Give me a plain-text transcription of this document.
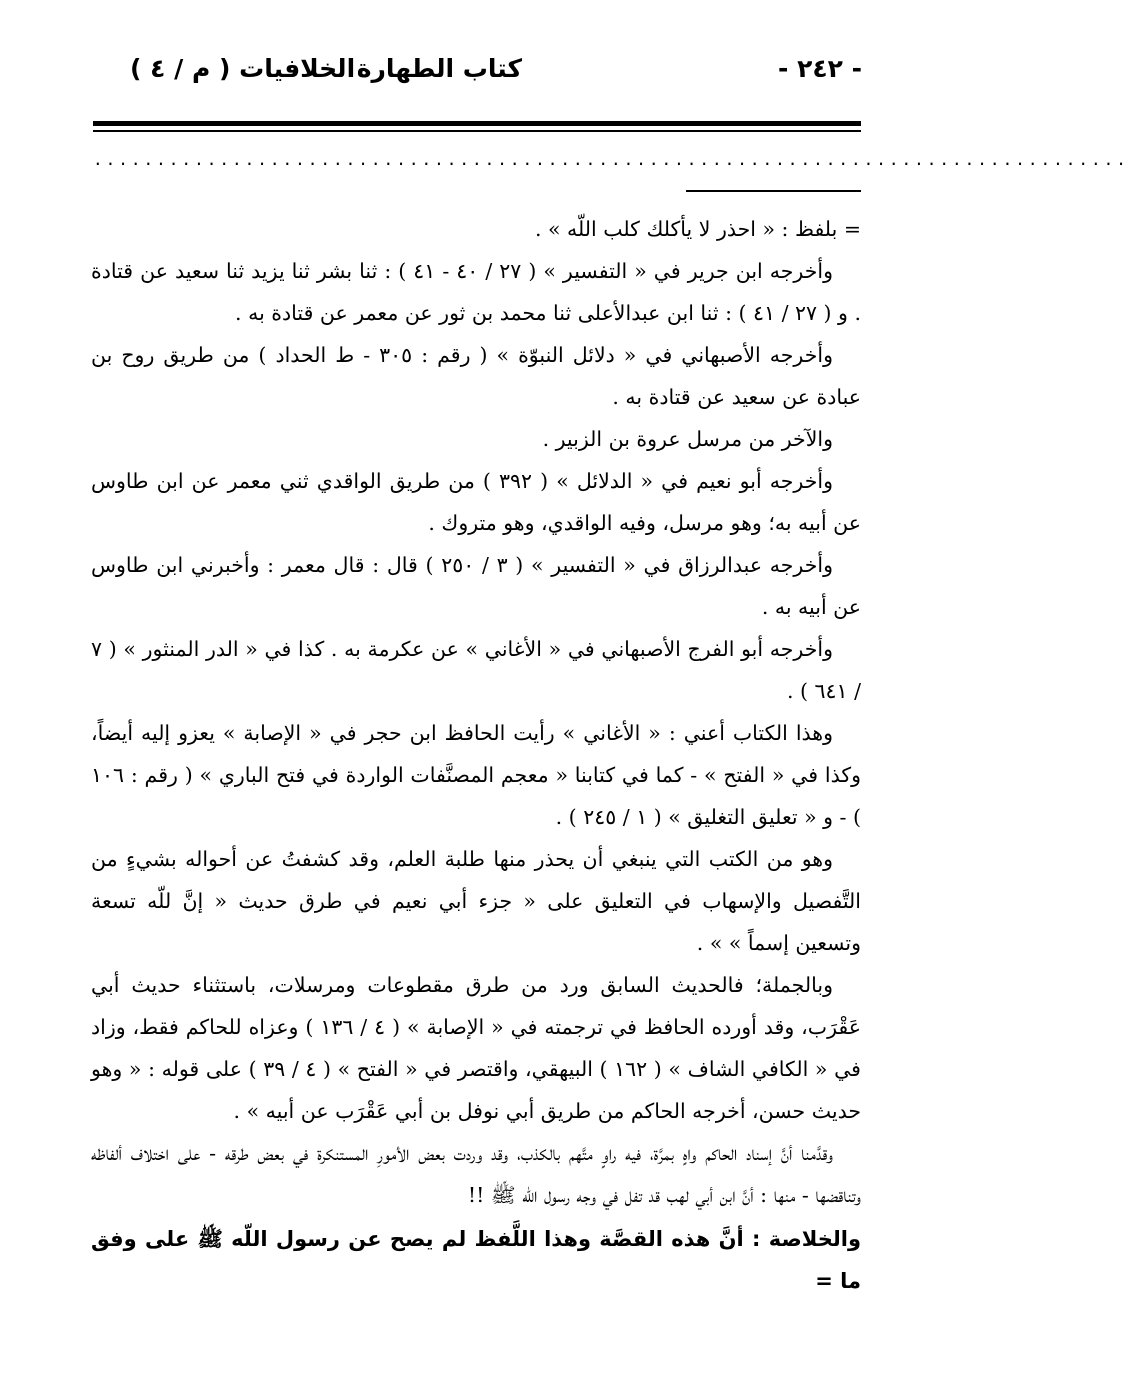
- ٢٤٢ -
كتاب الطهارة
الخلافيات ( م / ٤ )
..................................................................................

= بلفظ : « احذر لا يأكلك كلب اللّه » .

وأخرجه ابن جرير في « التفسير » ( ٢٧ / ٤٠ - ٤١ ) : ثنا بشر ثنا يزيد ثنا سعيد عن قتادة . و ( ٢٧ / ٤١ ) : ثنا ابن عبدالأعلى ثنا محمد بن ثور عن معمر عن قتادة به .

وأخرجه الأصبهاني في « دلائل النبوّة » ( رقم : ٣٠٥ - ط الحداد ) من طريق روح بن عبادة عن سعيد عن قتادة به .

والآخر من مرسل عروة بن الزبير .

وأخرجه أبو نعيم في « الدلائل » ( ٣٩٢ ) من طريق الواقدي ثني معمر عن ابن طاوس عن أبيه به؛ وهو مرسل، وفيه الواقدي، وهو متروك .

وأخرجه عبدالرزاق في « التفسير » ( ٣ / ٢٥٠ ) قال : قال معمر : وأخبرني ابن طاوس عن أبيه به .

وأخرجه أبو الفرج الأصبهاني في « الأغاني » عن عكرمة به . كذا في « الدر المنثور » ( ٧ / ٦٤١ ) .

وهذا الكتاب أعني : « الأغاني » رأيت الحافظ ابن حجر في « الإصابة » يعزو إليه أيضاً، وكذا في « الفتح » - كما في كتابنا « معجم المصنَّفات الواردة في فتح الباري » ( رقم : ١٠٦ ) - و « تعليق التغليق » ( ١ / ٢٤٥ ) .

وهو من الكتب التي ينبغي أن يحذر منها طلبة العلم، وقد كشفتُ عن أحواله بشيءٍ من التَّفصيل والإسهاب في التعليق على « جزء أبي نعيم في طرق حديث « إنَّ للّه تسعة وتسعين إسماً » » .

وبالجملة؛ فالحديث السابق ورد من طرق مقطوعات ومرسلات، باستثناء حديث أبي عَقْرَب، وقد أورده الحافظ في ترجمته في « الإصابة » ( ٤ / ١٣٦ ) وعزاه للحاكم فقط، وزاد في « الكافي الشاف » ( ١٦٢ ) البيهقي، واقتصر في « الفتح » ( ٤ / ٣٩ ) على قوله : « وهو حديث حسن، أخرجه الحاكم من طريق أبي نوفل بن أبي عَقْرَب عن أبيه » .

وقدَّمنا أنَّ إسناد الحاكم واهٍ بمرَّة، فيه راوٍ متَّهم بالكذب، وقد وردت بعض الأمورِ المستنكرة في بعض طرقه - على اختلاف ألفاظه وتناقضها - منها : أنَّ ابن أبي لهب قد تفل في وجه رسول اللّه ﷺ !!

والخلاصة : أنَّ هذه القصَّة وهذا اللَّفظ لم يصح عن رسول اللّه ﷺ على وفق ما =
